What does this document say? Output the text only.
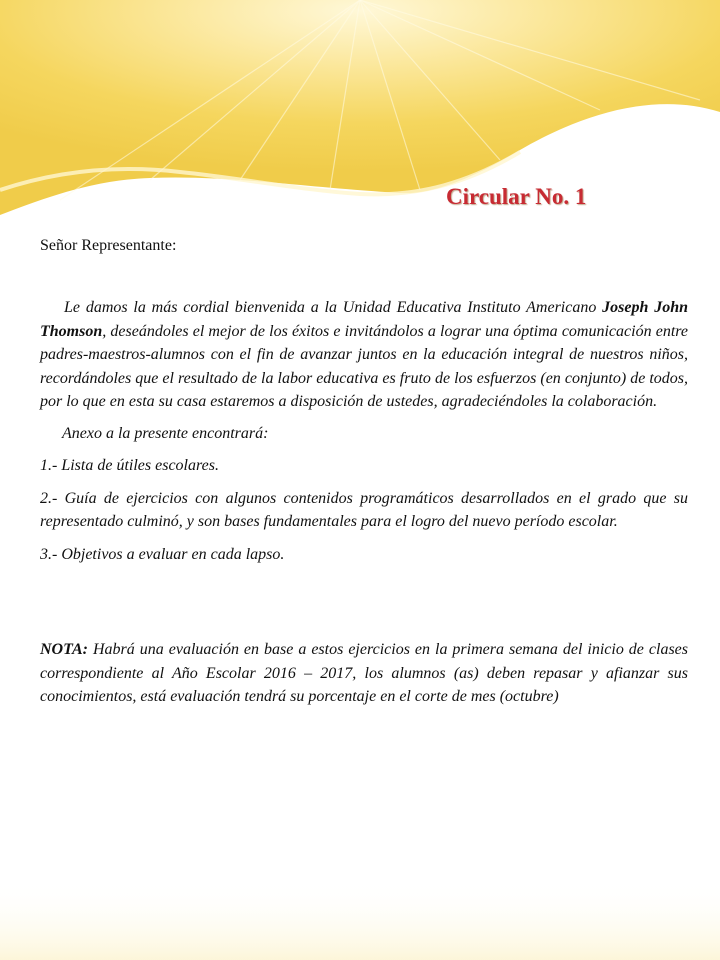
Circular No. 1
Señor Representante:

Le damos la más cordial bienvenida a la Unidad Educativa Instituto Americano Joseph John Thomson, deseándoles el mejor de los éxitos e invitándolos a lograr una óptima comunicación entre padres-maestros-alumnos con el fin de avanzar juntos en la educación integral de nuestros niños, recordándoles que el resultado de la labor educativa es fruto de los esfuerzos (en conjunto) de todos, por lo que en esta su casa estaremos a disposición de ustedes, agradeciéndoles la colaboración.

Anexo a la presente encontrará:

1.- Lista de útiles escolares.

2.- Guía de ejercicios con algunos contenidos programáticos desarrollados en el grado que su representado culminó, y son bases fundamentales para el logro del nuevo período escolar.

3.- Objetivos a evaluar en cada lapso.

NOTA: Habrá una evaluación en base a estos ejercicios en la primera semana del inicio de clases correspondiente al Año Escolar 2016 – 2017, los alumnos (as) deben repasar y afianzar sus conocimientos, está evaluación tendrá su porcentaje en el corte de mes (octubre)
